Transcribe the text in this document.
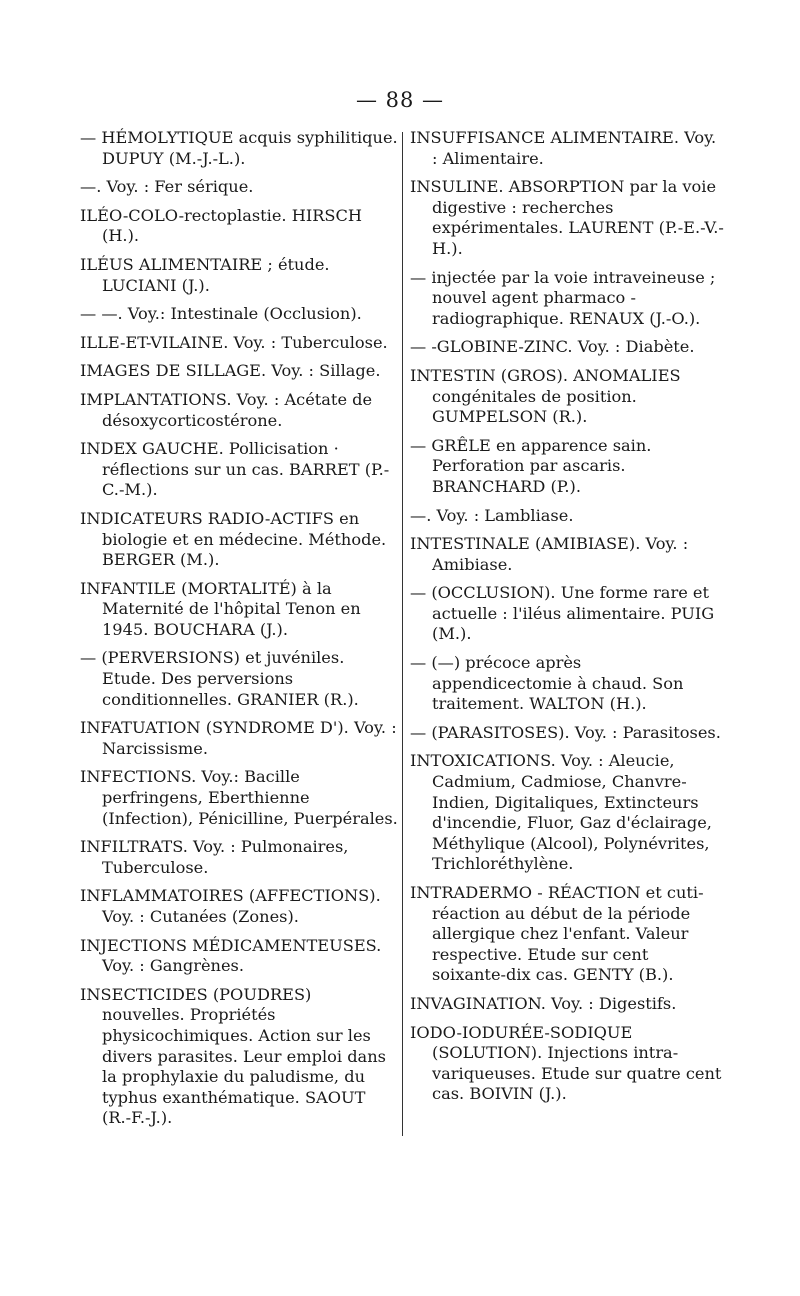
— 88 —

— HÉMOLYTIQUE acquis syphilitique. DUPUY (M.-J.-L.).

—. Voy. : Fer sérique.

ILÉO-COLO-rectoplastie. HIRSCH (H.).

ILÉUS ALIMENTAIRE ; étude. LUCIANI (J.).

— —. Voy.: Intestinale (Occlusion).

ILLE-ET-VILAINE. Voy. : Tuberculose.

IMAGES DE SILLAGE. Voy. : Sillage.

IMPLANTATIONS. Voy. : Acétate de désoxycorticostérone.

INDEX GAUCHE. Pollicisation · réflections sur un cas. BARRET (P.-C.-M.).

INDICATEURS RADIO-ACTIFS en biologie et en médecine. Méthode. BERGER (M.).

INFANTILE (MORTALITÉ) à la Maternité de l'hôpital Tenon en 1945. BOUCHARA (J.).

— (PERVERSIONS) et juvéniles. Etude. Des perversions conditionnelles. GRANIER (R.).

INFATUATION (SYNDROME D'). Voy. : Narcissisme.

INFECTIONS. Voy.: Bacille perfringens, Eberthienne (Infection), Pénicilline, Puerpérales.

INFILTRATS. Voy. : Pulmonaires, Tuberculose.

INFLAMMATOIRES (AFFECTIONS). Voy. : Cutanées (Zones).

INJECTIONS MÉDICAMENTEUSES. Voy. : Gangrènes.

INSECTICIDES (POUDRES) nouvelles. Propriétés physicochimiques. Action sur les divers parasites. Leur emploi dans la prophylaxie du paludisme, du typhus exanthématique. SAOUT (R.-F.-J.).

INSUFFISANCE ALIMENTAIRE. Voy. : Alimentaire.

INSULINE. ABSORPTION par la voie digestive : recherches expérimentales. LAURENT (P.-E.-V.-H.).

— injectée par la voie intraveineuse ; nouvel agent pharmaco - radiographique. RENAUX (J.-O.).

— -GLOBINE-ZINC. Voy. : Diabète.

INTESTIN (GROS). ANOMALIES congénitales de position. GUMPELSON (R.).

— GRÊLE en apparence sain. Perforation par ascaris. BRANCHARD (P.).

—. Voy. : Lambliase.

INTESTINALE (AMIBIASE). Voy. : Amibiase.

— (OCCLUSION). Une forme rare et actuelle : l'iléus alimentaire. PUIG (M.).

— (—) précoce après appendicectomie à chaud. Son traitement. WALTON (H.).

— (PARASITOSES). Voy. : Parasitoses.

INTOXICATIONS. Voy. : Aleucie, Cadmium, Cadmiose, Chanvre-Indien, Digitaliques, Extincteurs d'incendie, Fluor, Gaz d'éclairage, Méthylique (Alcool), Polynévrites, Trichloréthylène.

INTRADERMO - RÉACTION et cuti-réaction au début de la période allergique chez l'enfant. Valeur respective. Etude sur cent soixante-dix cas. GENTY (B.).

INVAGINATION. Voy. : Digestifs.

IODO-IODURÉE-SODIQUE (SOLUTION). Injections intra-variqueuses. Etude sur quatre cent cas. BOIVIN (J.).
